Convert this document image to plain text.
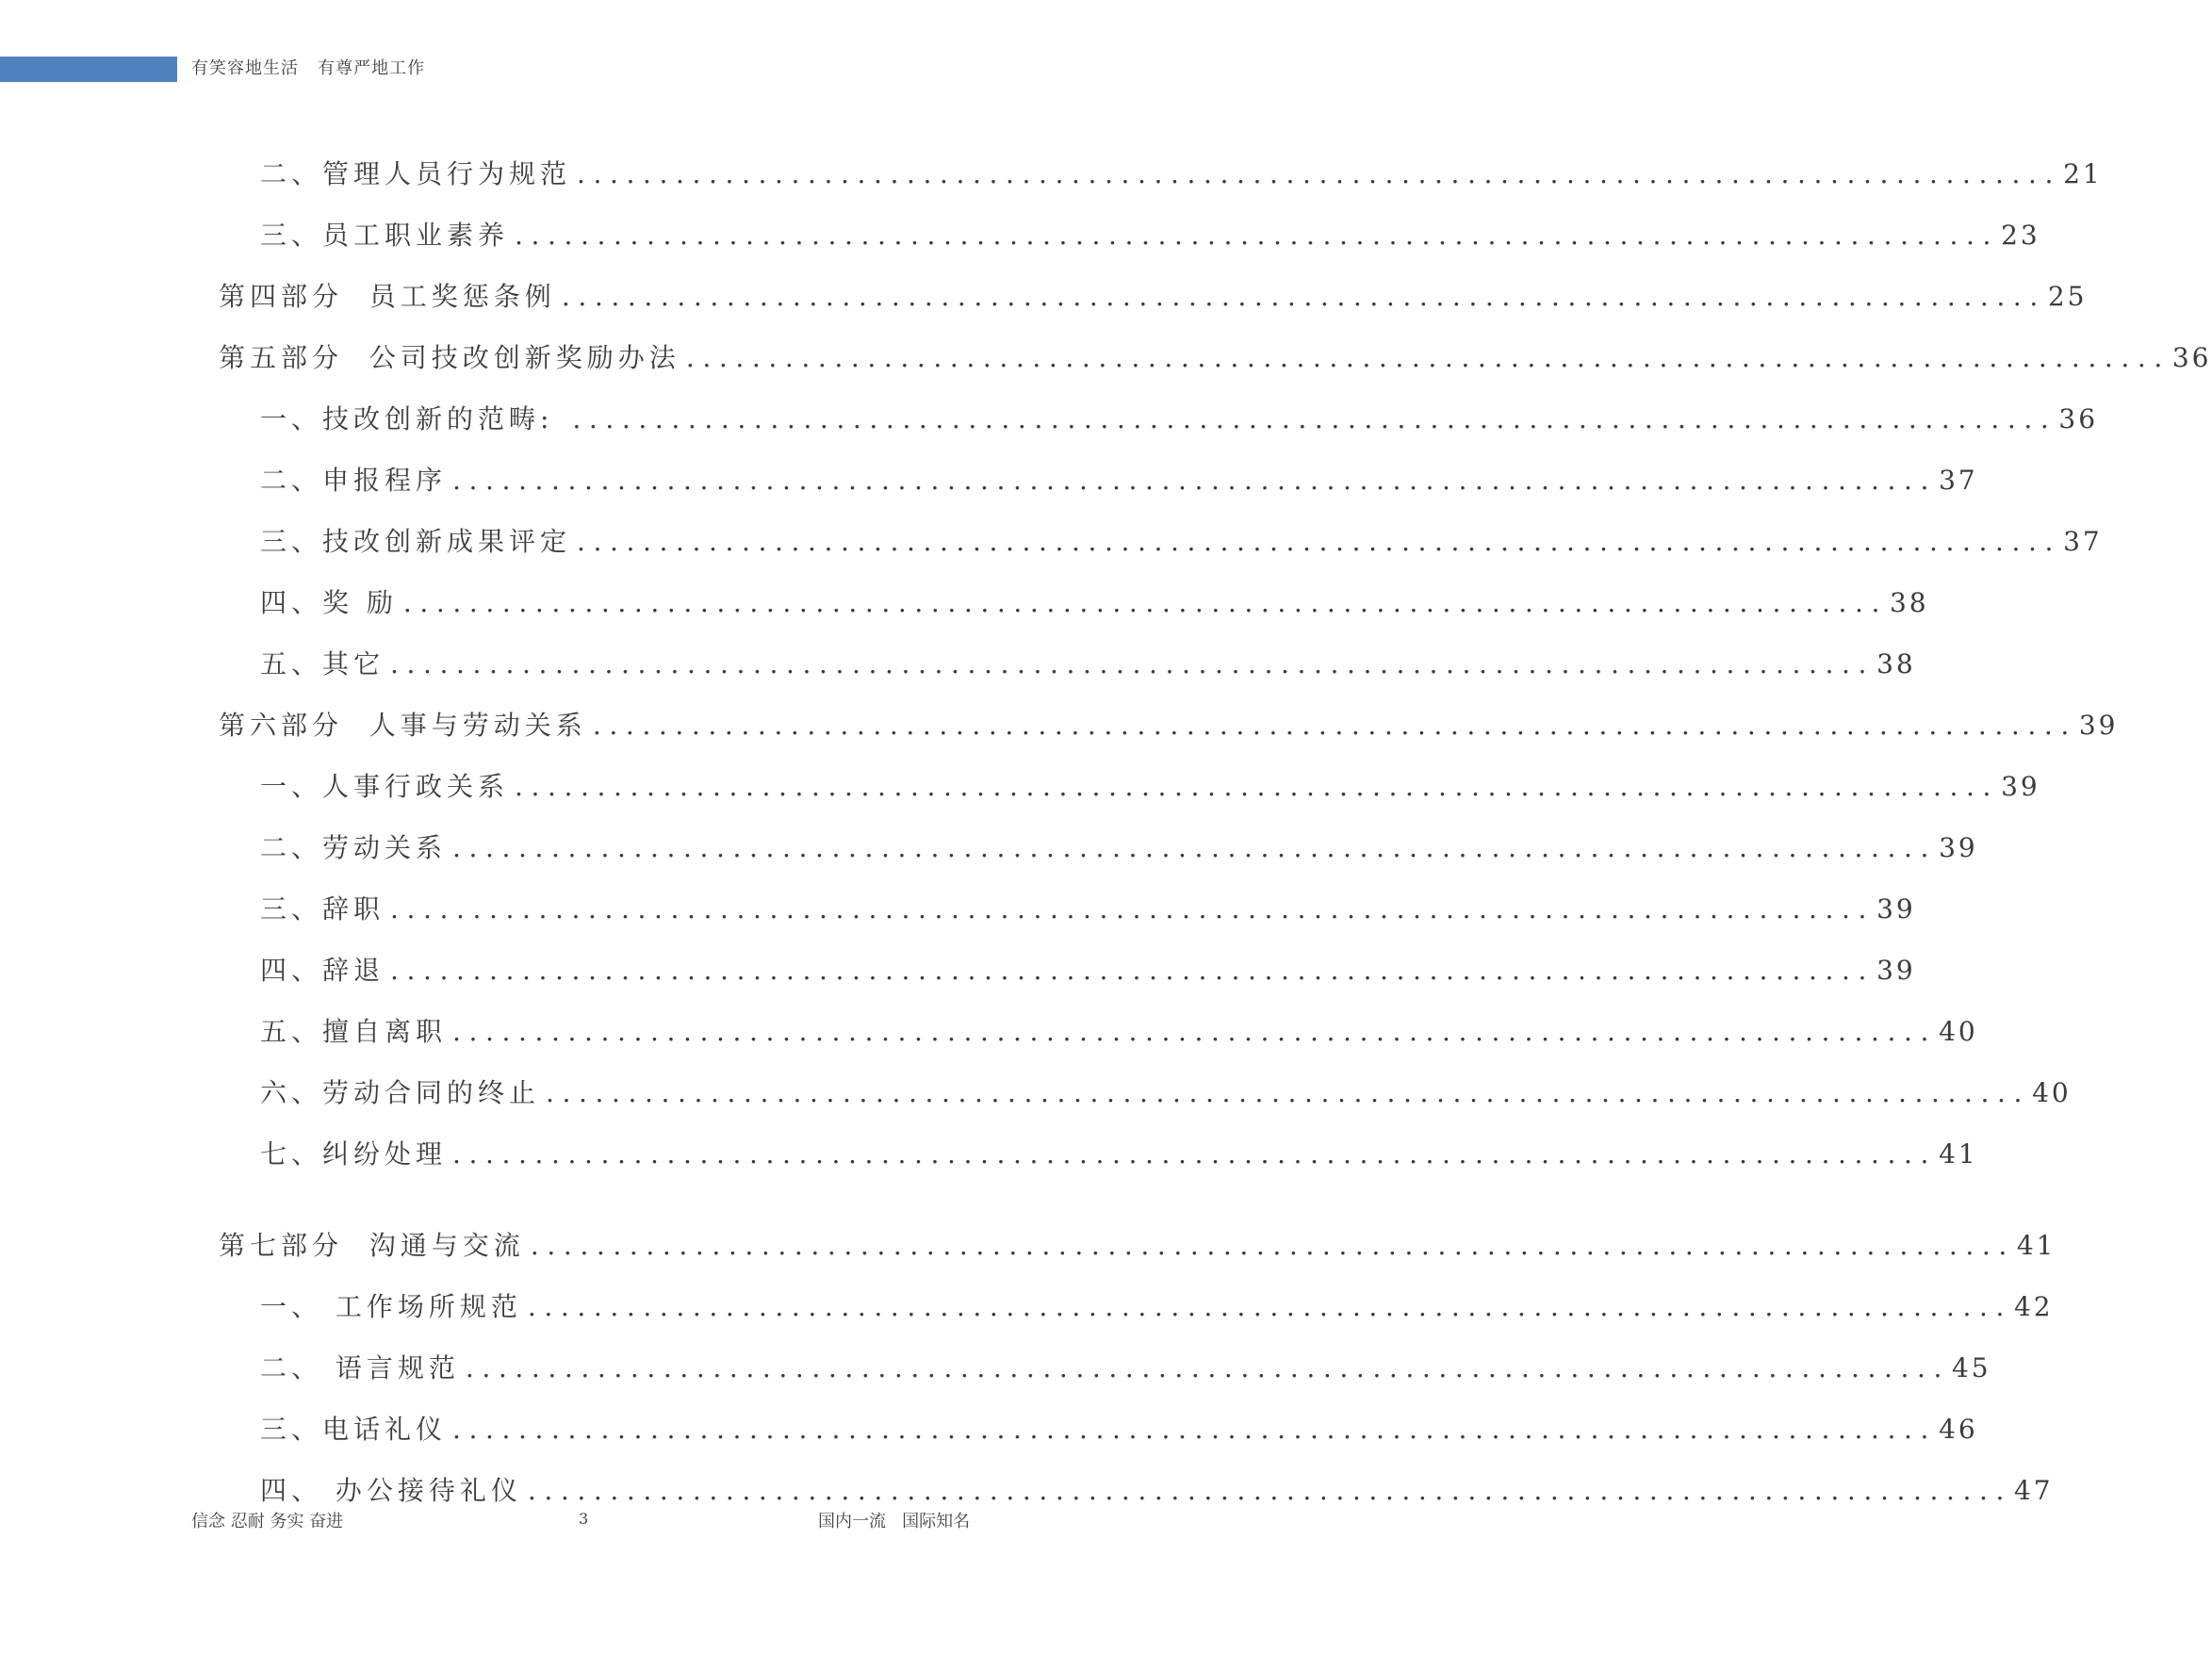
有笑容地生活   有尊严地工作
二、管理人员行为规范 .......................................................................................... 21
三、员工职业素养 .......................................................................................... 23
第四部分  员工奖惩条例 .......................................................................................... 25
第五部分  公司技改创新奖励办法 .......................................................................................... 36
一、技改创新的范畴: .......................................................................................... 36
二、申报程序 .......................................................................................... 37
三、技改创新成果评定 .......................................................................................... 37
四、奖 励 .......................................................................................... 38
五、其它 .......................................................................................... 38
第六部分  人事与劳动关系 .......................................................................................... 39
一、人事行政关系 .......................................................................................... 39
二、劳动关系 .......................................................................................... 39
三、辞职 .......................................................................................... 39
四、辞退 .......................................................................................... 39
五、擅自离职 .......................................................................................... 40
六、劳动合同的终止 .......................................................................................... 40
七、纠纷处理 .......................................................................................... 41
第七部分  沟通与交流 .......................................................................................... 41
一、 工作场所规范 .......................................................................................... 42
二、 语言规范 .......................................................................................... 45
三、电话礼仪 .......................................................................................... 46
四、 办公接待礼仪 .......................................................................................... 47
信念 忍耐 务实 奋进	3	国内一流   国际知名
